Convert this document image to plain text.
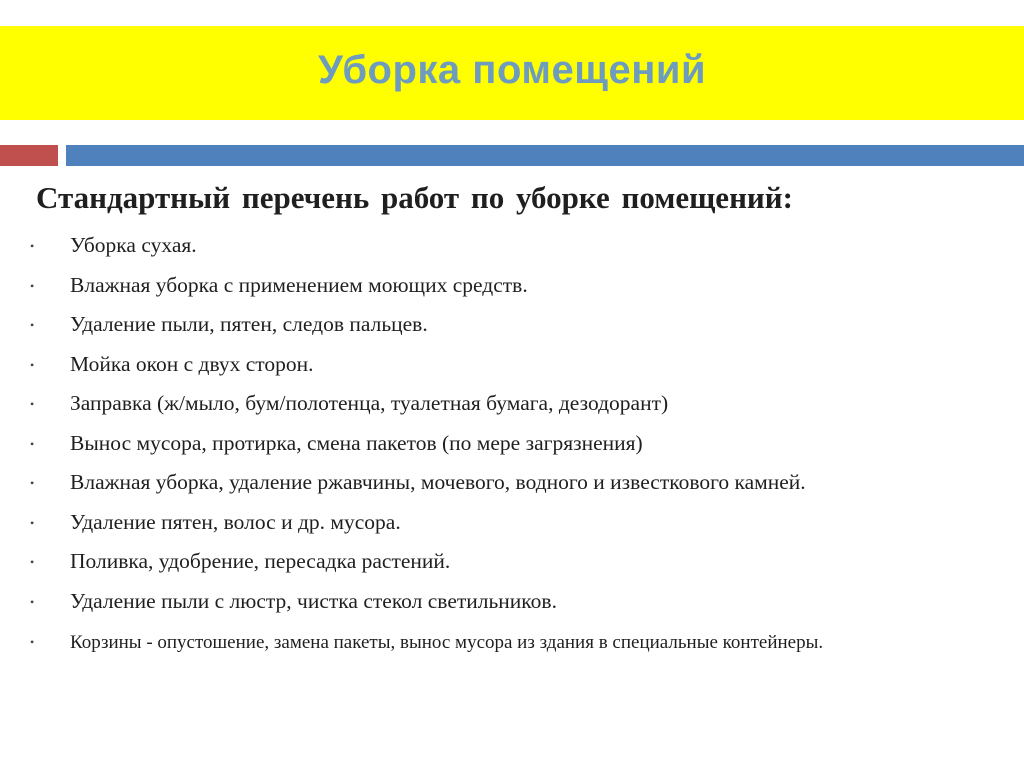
Уборка помещений
Стандартный перечень работ по уборке помещений:
• Уборка сухая.
• Влажная уборка с применением моющих средств.
• Удаление пыли, пятен, следов пальцев.
• Мойка окон с двух сторон.
• Заправка (ж/мыло, бум/полотенца, туалетная бумага, дезодорант)
• Вынос мусора, протирка, смена пакетов (по мере загрязнения)
• Влажная уборка, удаление ржавчины, мочевого, водного и известкового камней.
• Удаление пятен, волос и др. мусора.
• Поливка, удобрение, пересадка растений.
• Удаление пыли с люстр, чистка стекол светильников.
• Корзины - опустошение, замена пакеты, вынос мусора из здания в специальные контейнеры.
